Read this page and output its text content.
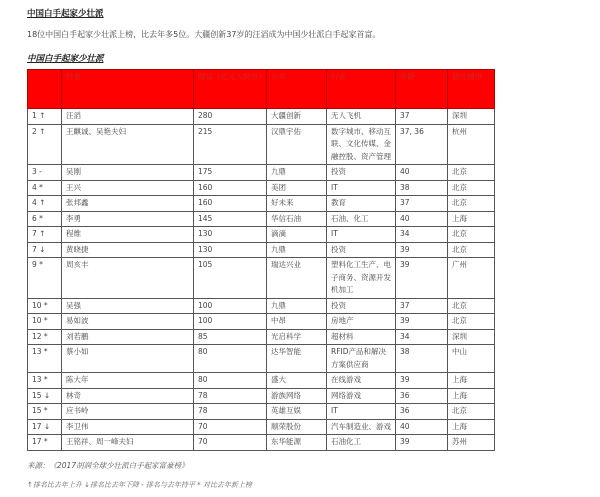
中国白手起家少壮派
18位中国白手起家少壮派上榜，比去年多5位。大疆创新37岁的汪滔成为中国少壮派白手起家首富。
中国白手起家少壮派
	姓名	财富（亿元人民币）	公司	行业	年龄	居住城市
1 ↑	汪滔	280	大疆创新	无人飞机	37	深圳
2 ↑	王麒诚、吴艳夫妇	215	汉鼎宇佑	数字城市、移动互联、文化传媒、金融控股、资产管理	37, 36	杭州
3 -	吴刚	175	九鼎	投资	40	北京
4 *	王兴	160	美团	IT	38	北京
4 ↑	张邦鑫	160	好未来	教育	37	北京
6 *	李勇	145	华信石油	石油、化工	40	上海
7 ↑	程维	130	滴滴	IT	34	北京
7 ↓	黄晓捷	130	九鼎	投资	39	北京
9 *	周亥丰	105	瑞达兴业	塑料化工生产、电子商务、资源开发机加工	39	广州
10 *	吴强	100	九鼎	投资	37	北京
10 *	易如波	100	中昂	房地产	39	北京
12 *	刘若鹏	85	光启科学	超材料	34	深圳
13 *	蔡小如	80	达华智能	RFID产品和解决方案供应商	38	中山
13 *	陈大年	80	盛大	在线游戏	39	上海
15 ↓	林奇	78	游族网络	网络游戏	36	上海
15 *	应书岭	78	英雄互娱	IT	36	北京
17 ↓	李卫伟	70	顺荣股份	汽车制造业、游戏	40	上海
17 *	王铭祥、周一峰夫妇	70	东华能源	石油化工	39	苏州
来源：《2017胡润全球少壮派白手起家富豪榜》
↑排名比去年上升 ↓排名比去年下降 - 排名与去年持平 * 对比去年新上榜
